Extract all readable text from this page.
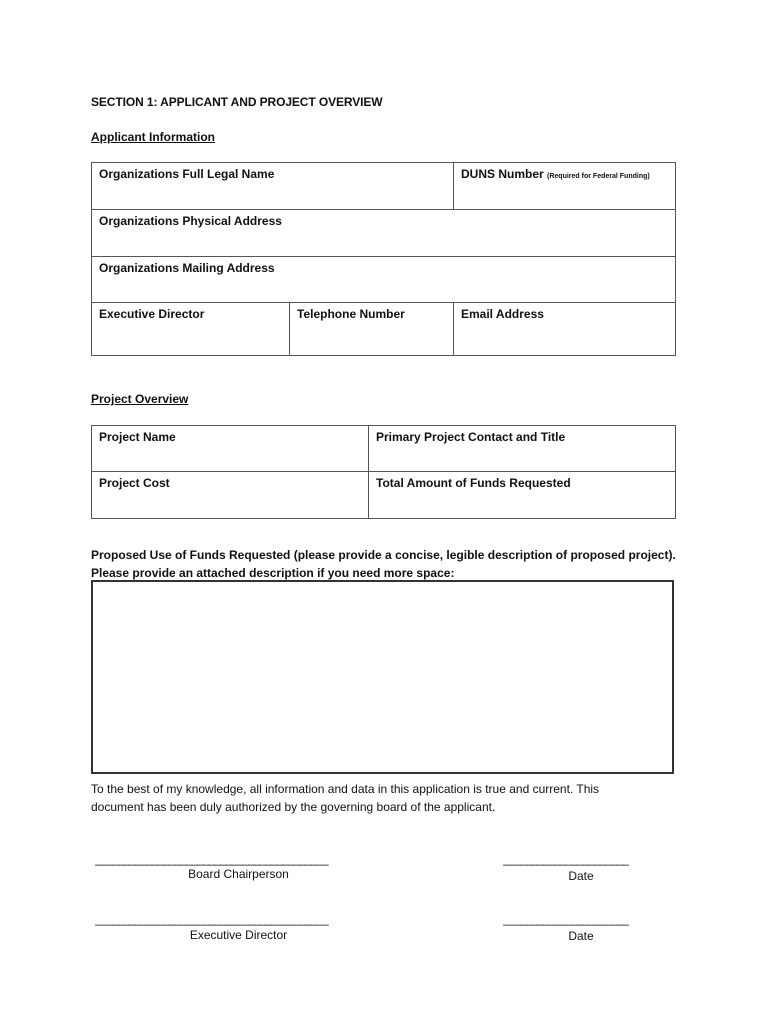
SECTION 1: APPLICANT AND PROJECT OVERVIEW
Applicant Information
Organizations Full Legal Name		DUNS Number (Required for Federal Funding)
Organizations Physical Address		
Organizations Mailing Address		
Executive Director	Telephone Number	Email Address
Project Overview
Project Name	Primary Project Contact and Title
Project Cost	Total Amount of Funds Requested
Proposed Use of Funds Requested (please provide a concise, legible description of proposed project).
Please provide an attached description if you need more space:
To the best of my knowledge, all information and data in this application is true and current. This
document has been duly authorized by the governing board of the applicant.
_________________________________________
Board Chairperson
______________________
Date
_________________________________________
Executive Director
______________________
Date
